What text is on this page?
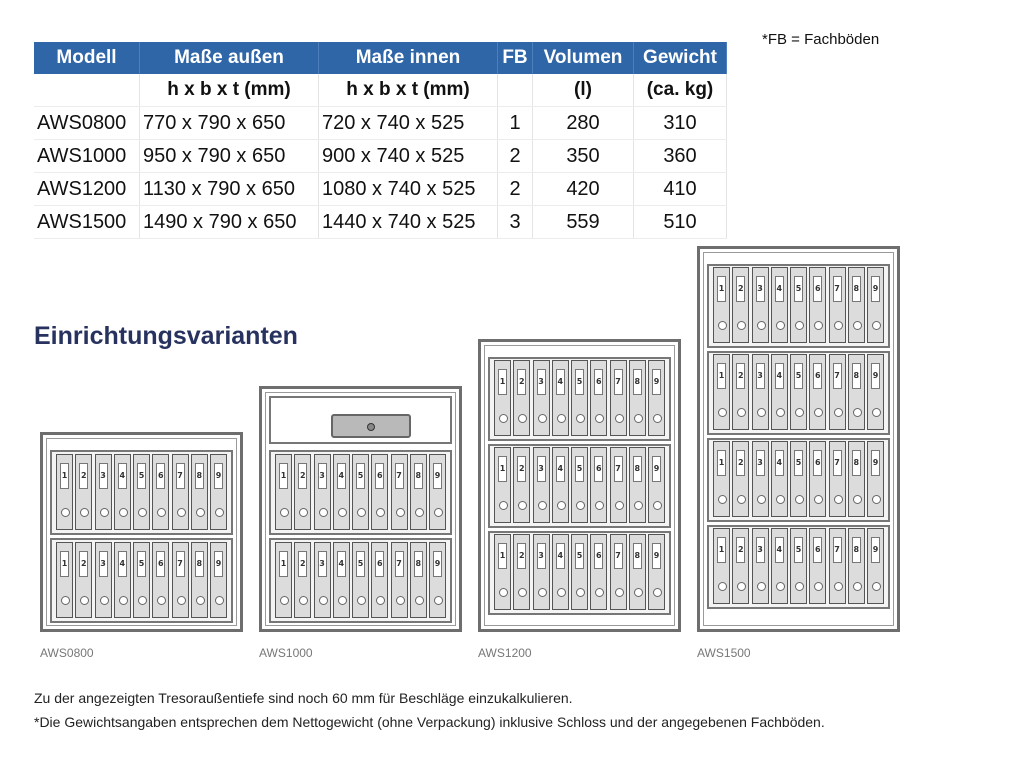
Modell	Maße außen	Maße innen	FB	Volumen	Gewicht
	h x b x t (mm)	h x b x t (mm)		(l)	(ca. kg)
AWS0800	770 x 790 x 650	720 x 740 x 525	1	280	310
AWS1000	950 x 790 x 650	900 x 740 x 525	2	350	360
AWS1200	1130 x 790 x 650	1080 x 740 x 525	2	420	410
AWS1500	1490 x 790 x 650	1440 x 740 x 525	3	559	510
*FB = Fachböden
Einrichtungsvarianten
1 2 3 4 5 6 7 8 9
1 2 3 4 5 6 7 8 9
AWS0800
1 2 3 4 5 6 7 8 9
1 2 3 4 5 6 7 8 9
AWS1000
1 2 3 4 5 6 7 8 9
1 2 3 4 5 6 7 8 9
1 2 3 4 5 6 7 8 9
AWS1200
1 2 3 4 5 6 7 8 9
1 2 3 4 5 6 7 8 9
1 2 3 4 5 6 7 8 9
1 2 3 4 5 6 7 8 9
AWS1500
Zu der angezeigten Tresoraußentiefe sind noch 60 mm für Beschläge einzukalkulieren.
*Die Gewichtsangaben entsprechen dem Nettogewicht (ohne Verpackung) inklusive Schloss und der angegebenen Fachböden.
